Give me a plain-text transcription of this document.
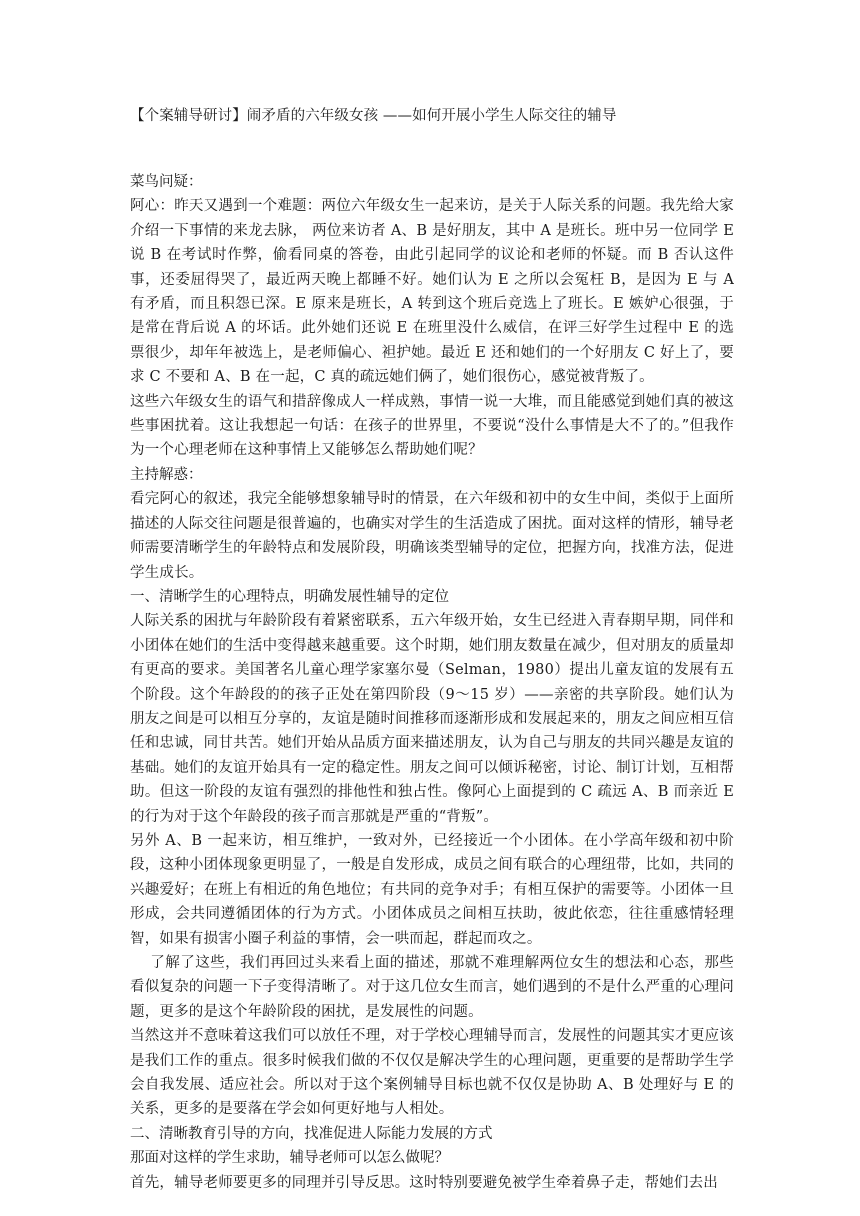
【个案辅导研讨】闹矛盾的六年级女孩 ——如何开展小学生人际交往的辅导

菜鸟问疑：

阿心：昨天又遇到一个难题：两位六年级女生一起来访，是关于人际关系的问题。我先给大家介绍一下事情的来龙去脉， 两位来访者 A、B 是好朋友，其中 A 是班长。班中另一位同学 E 说 B 在考试时作弊，偷看同桌的答卷，由此引起同学的议论和老师的怀疑。而 B 否认这件事，还委屈得哭了，最近两天晚上都睡不好。她们认为 E 之所以会冤枉 B，是因为 E 与 A 有矛盾，而且积怨已深。E 原来是班长，A 转到这个班后竞选上了班长。E 嫉妒心很强，于是常在背后说 A 的坏话。此外她们还说 E 在班里没什么威信，在评三好学生过程中 E 的选票很少，却年年被选上，是老师偏心、袒护她。最近 E 还和她们的一个好朋友 C 好上了，要求 C 不要和 A、B 在一起，C 真的疏远她们俩了，她们很伤心，感觉被背叛了。

这些六年级女生的语气和措辞像成人一样成熟，事情一说一大堆，而且能感觉到她们真的被这些事困扰着。这让我想起一句话：在孩子的世界里，不要说“没什么事情是大不了的。”但我作为一个心理老师在这种事情上又能够怎么帮助她们呢？

主持解惑：

看完阿心的叙述，我完全能够想象辅导时的情景，在六年级和初中的女生中间，类似于上面所描述的人际交往问题是很普遍的，也确实对学生的生活造成了困扰。面对这样的情形，辅导老师需要清晰学生的年龄特点和发展阶段，明确该类型辅导的定位，把握方向，找准方法，促进学生成长。

一、清晰学生的心理特点，明确发展性辅导的定位

人际关系的困扰与年龄阶段有着紧密联系，五六年级开始，女生已经进入青春期早期，同伴和小团体在她们的生活中变得越来越重要。这个时期，她们朋友数量在减少，但对朋友的质量却有更高的要求。美国著名儿童心理学家塞尔曼（Selman，1980）提出儿童友谊的发展有五个阶段。这个年龄段的的孩子正处在第四阶段（9～15 岁）——亲密的共享阶段。她们认为朋友之间是可以相互分享的，友谊是随时间推移而逐渐形成和发展起来的，朋友之间应相互信任和忠诚，同甘共苦。她们开始从品质方面来描述朋友，认为自己与朋友的共同兴趣是友谊的基础。她们的友谊开始具有一定的稳定性。朋友之间可以倾诉秘密，讨论、制订计划，互相帮助。但这一阶段的友谊有强烈的排他性和独占性。像阿心上面提到的 C 疏远 A、B 而亲近 E 的行为对于这个年龄段的孩子而言那就是严重的“背叛”。

另外 A、B 一起来访，相互维护，一致对外，已经接近一个小团体。在小学高年级和初中阶段，这种小团体现象更明显了，一般是自发形成，成员之间有联合的心理纽带，比如，共同的兴趣爱好；在班上有相近的角色地位；有共同的竞争对手；有相互保护的需要等。小团体一旦形成，会共同遵循团体的行为方式。小团体成员之间相互扶助，彼此依恋，往往重感情轻理智，如果有损害小圈子利益的事情，会一哄而起，群起而攻之。

了解了这些，我们再回过头来看上面的描述，那就不难理解两位女生的想法和心态，那些看似复杂的问题一下子变得清晰了。对于这几位女生而言，她们遇到的不是什么严重的心理问题，更多的是这个年龄阶段的困扰，是发展性的问题。

当然这并不意味着这我们可以放任不理，对于学校心理辅导而言，发展性的问题其实才更应该是我们工作的重点。很多时候我们做的不仅仅是解决学生的心理问题，更重要的是帮助学生学会自我发展、适应社会。所以对于这个案例辅导目标也就不仅仅是协助 A、B 处理好与 E 的关系，更多的是要落在学会如何更好地与人相处。

二、清晰教育引导的方向，找准促进人际能力发展的方式

那面对这样的学生求助，辅导老师可以怎么做呢？

首先，辅导老师要更多的同理并引导反思。这时特别要避免被学生牵着鼻子走，帮她们去出
